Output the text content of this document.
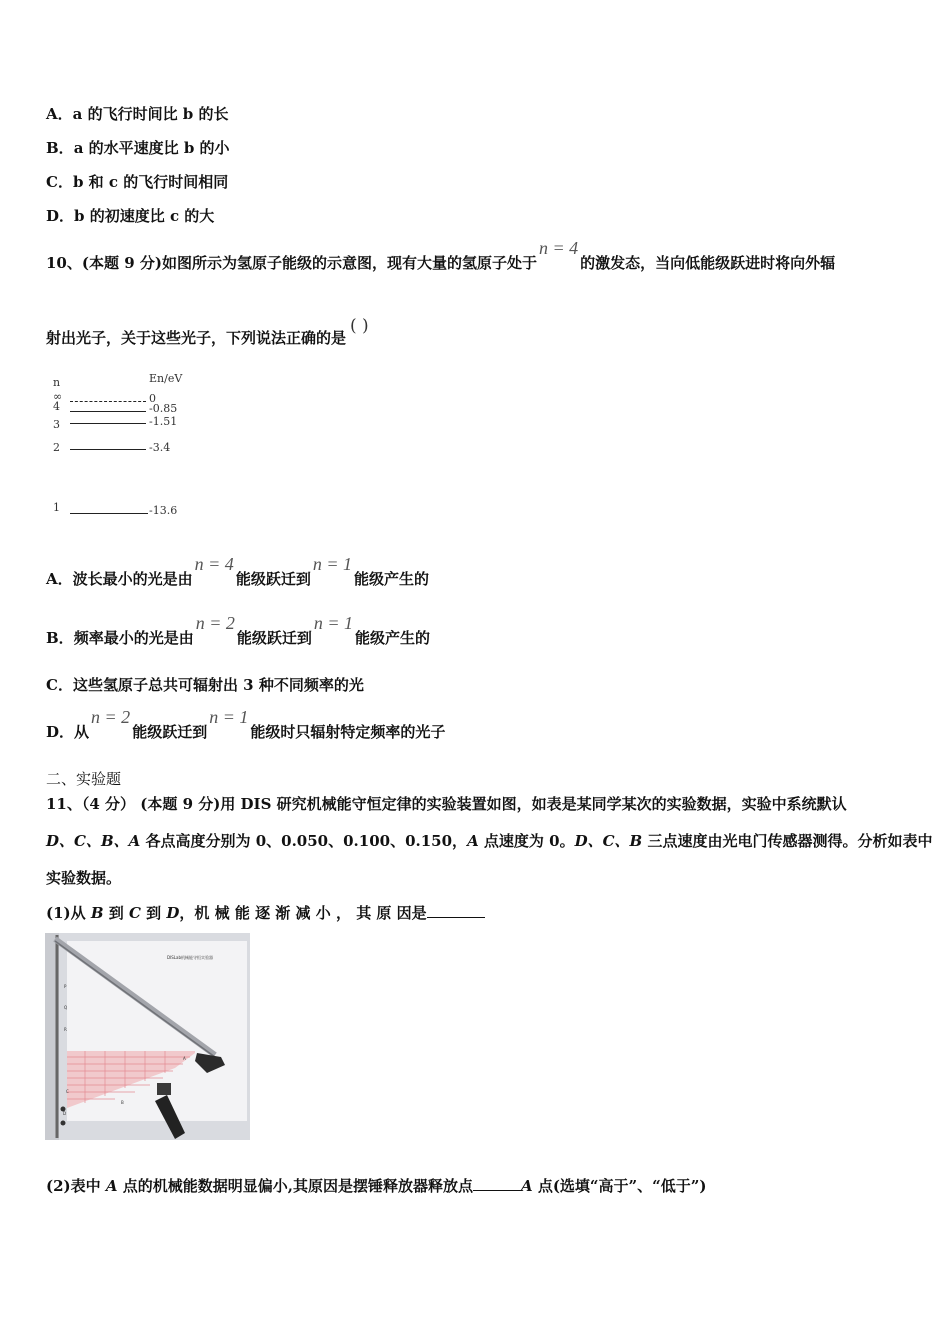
A．a 的飞行时间比 b 的长
B．a 的水平速度比 b 的小
C．b 和 c 的飞行时间相同
D．b 的初速度比 c 的大
10、(本题 9 分)如图所示为氢原子能级的示意图，现有大量的氢原子处于n = 4的激发态，当向低能级跃进时将向外辐
射出光子，关于这些光子，下列说法正确的是( )
n	En/eV
∞	0
4	-0.85
3	-1.51
2	-3.4
1	-13.6
A．波长最小的光是由n = 4能级跃迁到n = 1能级产生的
B．频率最小的光是由n = 2能级跃迁到n = 1能级产生的
C．这些氢原子总共可辐射出 3 种不同频率的光
D．从n = 2能级跃迁到n = 1能级时只辐射特定频率的光子
二、实验题
11、（4 分） (本题 9 分)用 DIS 研究机械能守恒定律的实验装置如图，如表是某同学某次的实验数据，实验中系统默认
D、C、B、A 各点高度分别为 0、0.050、0.100、0.150，A 点速度为 0。D、C、B 三点速度由光电门传感器测得。分析如表中
实验数据。
(1)从 B 到 C 到 D，机 械 能 逐 渐 减 小 ， 其 原 因是
DISLab机械能守恒实验器
P
Q
R
A
B
C
D
(2)表中 A 点的机械能数据明显偏小,其原因是摆锤释放器释放点	A 点(选填“高于”、“低于”)
